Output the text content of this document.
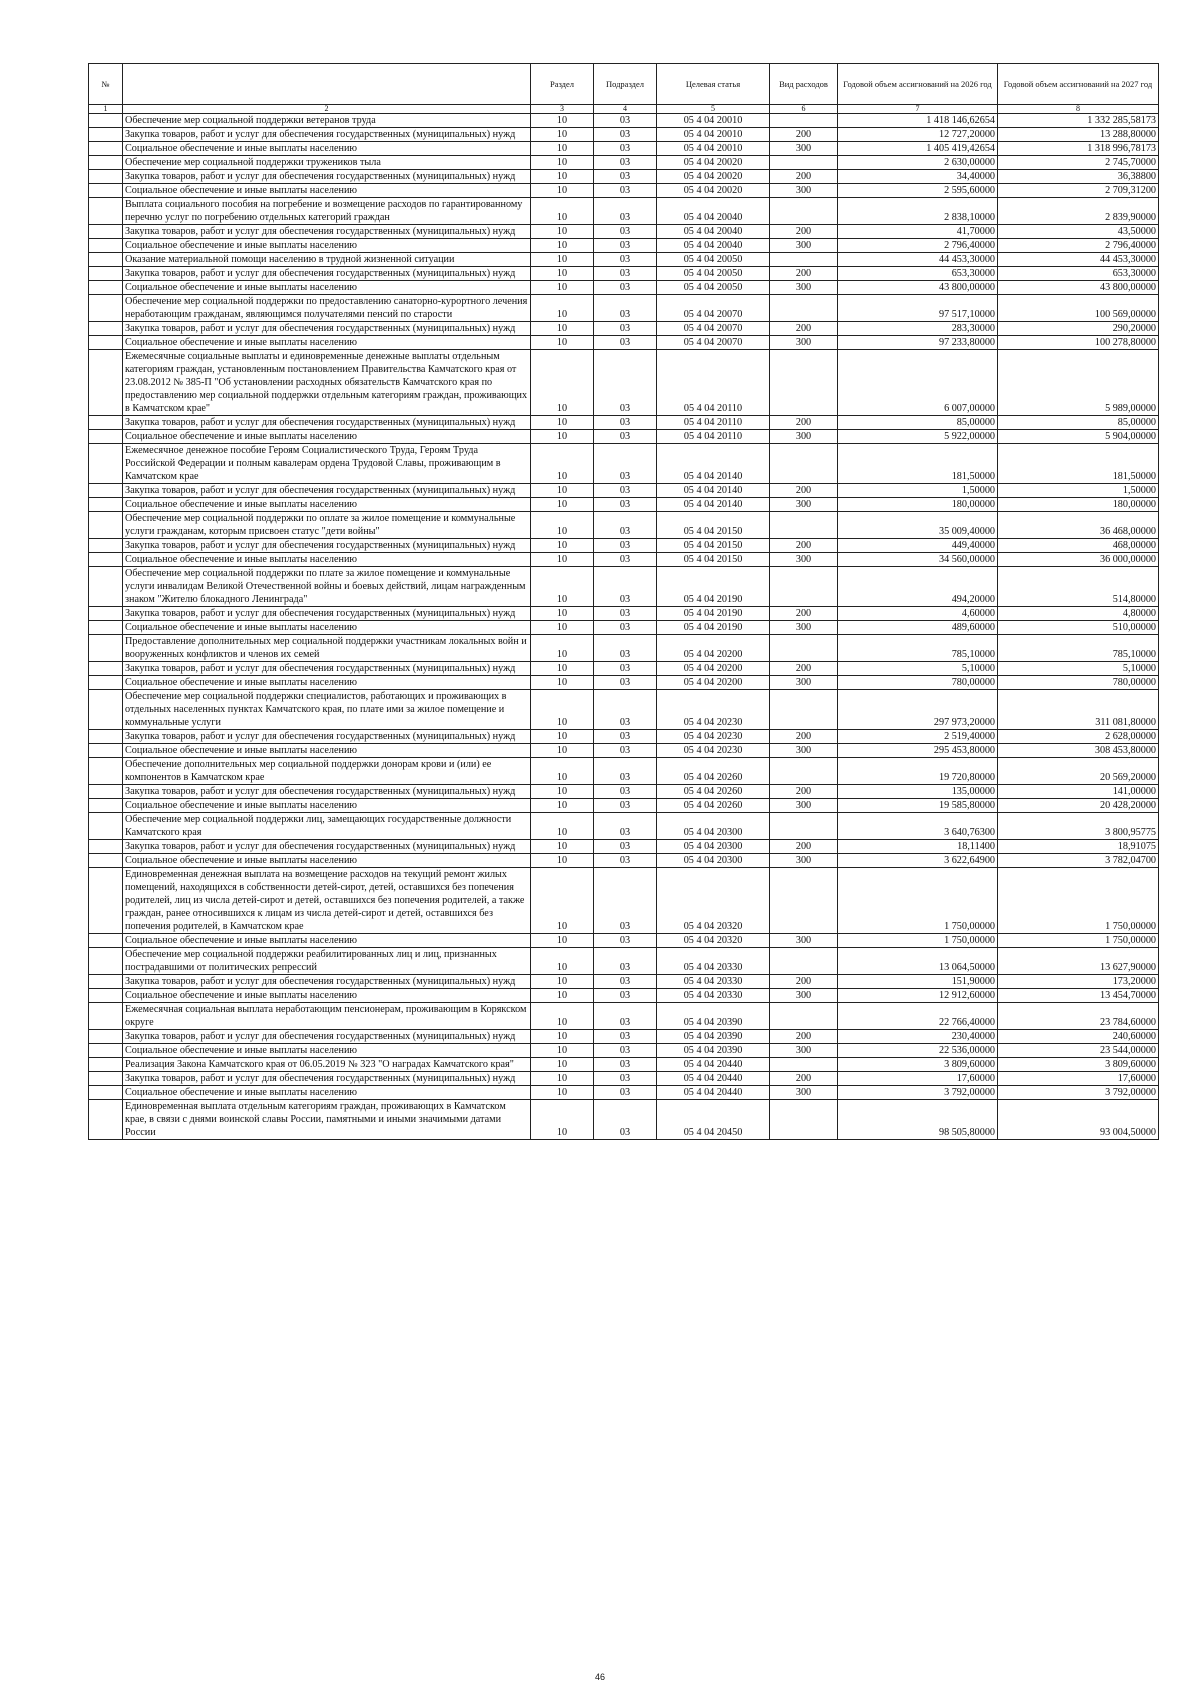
№		Раздел	Подраздел	Целевая статья	Вид расходов	Годовой объем ассигнований на 2026 год	Годовой объем ассигнований на 2027 год
1	2	3	4	5	6	7	8
	Обеспечение мер социальной поддержки ветеранов труда	10	03	05 4 04 20010		1 418 146,62654	1 332 285,58173
	Закупка товаров, работ и услуг для обеспечения государственных (муниципальных) нужд	10	03	05 4 04 20010	200	12 727,20000	13 288,80000
	Социальное обеспечение и иные выплаты населению	10	03	05 4 04 20010	300	1 405 419,42654	1 318 996,78173
	Обеспечение мер социальной поддержки тружеников тыла	10	03	05 4 04 20020		2 630,00000	2 745,70000
	Закупка товаров, работ и услуг для обеспечения государственных (муниципальных) нужд	10	03	05 4 04 20020	200	34,40000	36,38800
	Социальное обеспечение и иные выплаты населению	10	03	05 4 04 20020	300	2 595,60000	2 709,31200
	Выплата социального пособия на погребение и возмещение расходов по гарантированному перечню услуг по погребению отдельных категорий граждан	10	03	05 4 04 20040		2 838,10000	2 839,90000
	Закупка товаров, работ и услуг для обеспечения государственных (муниципальных) нужд	10	03	05 4 04 20040	200	41,70000	43,50000
	Социальное обеспечение и иные выплаты населению	10	03	05 4 04 20040	300	2 796,40000	2 796,40000
	Оказание материальной помощи населению в трудной жизненной ситуации	10	03	05 4 04 20050		44 453,30000	44 453,30000
	Закупка товаров, работ и услуг для обеспечения государственных (муниципальных) нужд	10	03	05 4 04 20050	200	653,30000	653,30000
	Социальное обеспечение и иные выплаты населению	10	03	05 4 04 20050	300	43 800,00000	43 800,00000
	Обеспечение мер социальной поддержки по предоставлению санаторно-курортного лечения неработающим гражданам, являющимся получателями пенсий по старости	10	03	05 4 04 20070		97 517,10000	100 569,00000
	Закупка товаров, работ и услуг для обеспечения государственных (муниципальных) нужд	10	03	05 4 04 20070	200	283,30000	290,20000
	Социальное обеспечение и иные выплаты населению	10	03	05 4 04 20070	300	97 233,80000	100 278,80000
	Ежемесячные социальные выплаты и единовременные денежные выплаты отдельным категориям граждан, установленным постановлением Правительства Камчатского края от 23.08.2012 № 385-П "Об установлении расходных обязательств Камчатского края по предоставлению мер социальной поддержки отдельным категориям граждан, проживающих в Камчатском крае"	10	03	05 4 04 20110		6 007,00000	5 989,00000
	Закупка товаров, работ и услуг для обеспечения государственных (муниципальных) нужд	10	03	05 4 04 20110	200	85,00000	85,00000
	Социальное обеспечение и иные выплаты населению	10	03	05 4 04 20110	300	5 922,00000	5 904,00000
	Ежемесячное денежное пособие Героям Социалистического Труда, Героям Труда Российской Федерации и полным кавалерам ордена Трудовой Славы, проживающим в Камчатском крае	10	03	05 4 04 20140		181,50000	181,50000
	Закупка товаров, работ и услуг для обеспечения государственных (муниципальных) нужд	10	03	05 4 04 20140	200	1,50000	1,50000
	Социальное обеспечение и иные выплаты населению	10	03	05 4 04 20140	300	180,00000	180,00000
	Обеспечение мер социальной поддержки по оплате за жилое помещение и коммунальные услуги гражданам, которым присвоен статус "дети войны"	10	03	05 4 04 20150		35 009,40000	36 468,00000
	Закупка товаров, работ и услуг для обеспечения государственных (муниципальных) нужд	10	03	05 4 04 20150	200	449,40000	468,00000
	Социальное обеспечение и иные выплаты населению	10	03	05 4 04 20150	300	34 560,00000	36 000,00000
	Обеспечение мер социальной поддержки по плате за жилое помещение и коммунальные услуги инвалидам Великой Отечественной войны и боевых действий, лицам награжденным знаком "Жителю блокадного Ленинграда"	10	03	05 4 04 20190		494,20000	514,80000
	Закупка товаров, работ и услуг для обеспечения государственных (муниципальных) нужд	10	03	05 4 04 20190	200	4,60000	4,80000
	Социальное обеспечение и иные выплаты населению	10	03	05 4 04 20190	300	489,60000	510,00000
	Предоставление дополнительных мер социальной поддержки участникам локальных войн и вооруженных конфликтов и членов их семей	10	03	05 4 04 20200		785,10000	785,10000
	Закупка товаров, работ и услуг для обеспечения государственных (муниципальных) нужд	10	03	05 4 04 20200	200	5,10000	5,10000
	Социальное обеспечение и иные выплаты населению	10	03	05 4 04 20200	300	780,00000	780,00000
	Обеспечение мер социальной поддержки специалистов, работающих и проживающих в отдельных населенных пунктах Камчатского края, по плате ими за жилое помещение и коммунальные услуги	10	03	05 4 04 20230		297 973,20000	311 081,80000
	Закупка товаров, работ и услуг для обеспечения государственных (муниципальных) нужд	10	03	05 4 04 20230	200	2 519,40000	2 628,00000
	Социальное обеспечение и иные выплаты населению	10	03	05 4 04 20230	300	295 453,80000	308 453,80000
	Обеспечение дополнительных мер социальной поддержки донорам крови и (или) ее компонентов в Камчатском крае	10	03	05 4 04 20260		19 720,80000	20 569,20000
	Закупка товаров, работ и услуг для обеспечения государственных (муниципальных) нужд	10	03	05 4 04 20260	200	135,00000	141,00000
	Социальное обеспечение и иные выплаты населению	10	03	05 4 04 20260	300	19 585,80000	20 428,20000
	Обеспечение мер социальной поддержки лиц, замещающих государственные должности Камчатского края	10	03	05 4 04 20300		3 640,76300	3 800,95775
	Закупка товаров, работ и услуг для обеспечения государственных (муниципальных) нужд	10	03	05 4 04 20300	200	18,11400	18,91075
	Социальное обеспечение и иные выплаты населению	10	03	05 4 04 20300	300	3 622,64900	3 782,04700
	Единовременная денежная выплата на возмещение расходов на текущий ремонт жилых помещений, находящихся в собственности детей-сирот, детей, оставшихся без попечения родителей, лиц из числа детей-сирот и детей, оставшихся без попечения родителей, а также граждан, ранее относившихся к лицам из числа детей-сирот и детей, оставшихся без попечения родителей, в Камчатском крае	10	03	05 4 04 20320		1 750,00000	1 750,00000
	Социальное обеспечение и иные выплаты населению	10	03	05 4 04 20320	300	1 750,00000	1 750,00000
	Обеспечение мер социальной поддержки реабилитированных лиц и лиц, признанных пострадавшими от политических репрессий	10	03	05 4 04 20330		13 064,50000	13 627,90000
	Закупка товаров, работ и услуг для обеспечения государственных (муниципальных) нужд	10	03	05 4 04 20330	200	151,90000	173,20000
	Социальное обеспечение и иные выплаты населению	10	03	05 4 04 20330	300	12 912,60000	13 454,70000
	Ежемесячная социальная выплата неработающим пенсионерам, проживающим в Корякском округе	10	03	05 4 04 20390		22 766,40000	23 784,60000
	Закупка товаров, работ и услуг для обеспечения государственных (муниципальных) нужд	10	03	05 4 04 20390	200	230,40000	240,60000
	Социальное обеспечение и иные выплаты населению	10	03	05 4 04 20390	300	22 536,00000	23 544,00000
	Реализация Закона Камчатского края от 06.05.2019 № 323 "О наградах Камчатского края"	10	03	05 4 04 20440		3 809,60000	3 809,60000
	Закупка товаров, работ и услуг для обеспечения государственных (муниципальных) нужд	10	03	05 4 04 20440	200	17,60000	17,60000
	Социальное обеспечение и иные выплаты населению	10	03	05 4 04 20440	300	3 792,00000	3 792,00000
	Единовременная выплата отдельным категориям граждан, проживающих в Камчатском крае, в связи с днями воинской славы России, памятными и иными значимыми датами России	10	03	05 4 04 20450		98 505,80000	93 004,50000
46
